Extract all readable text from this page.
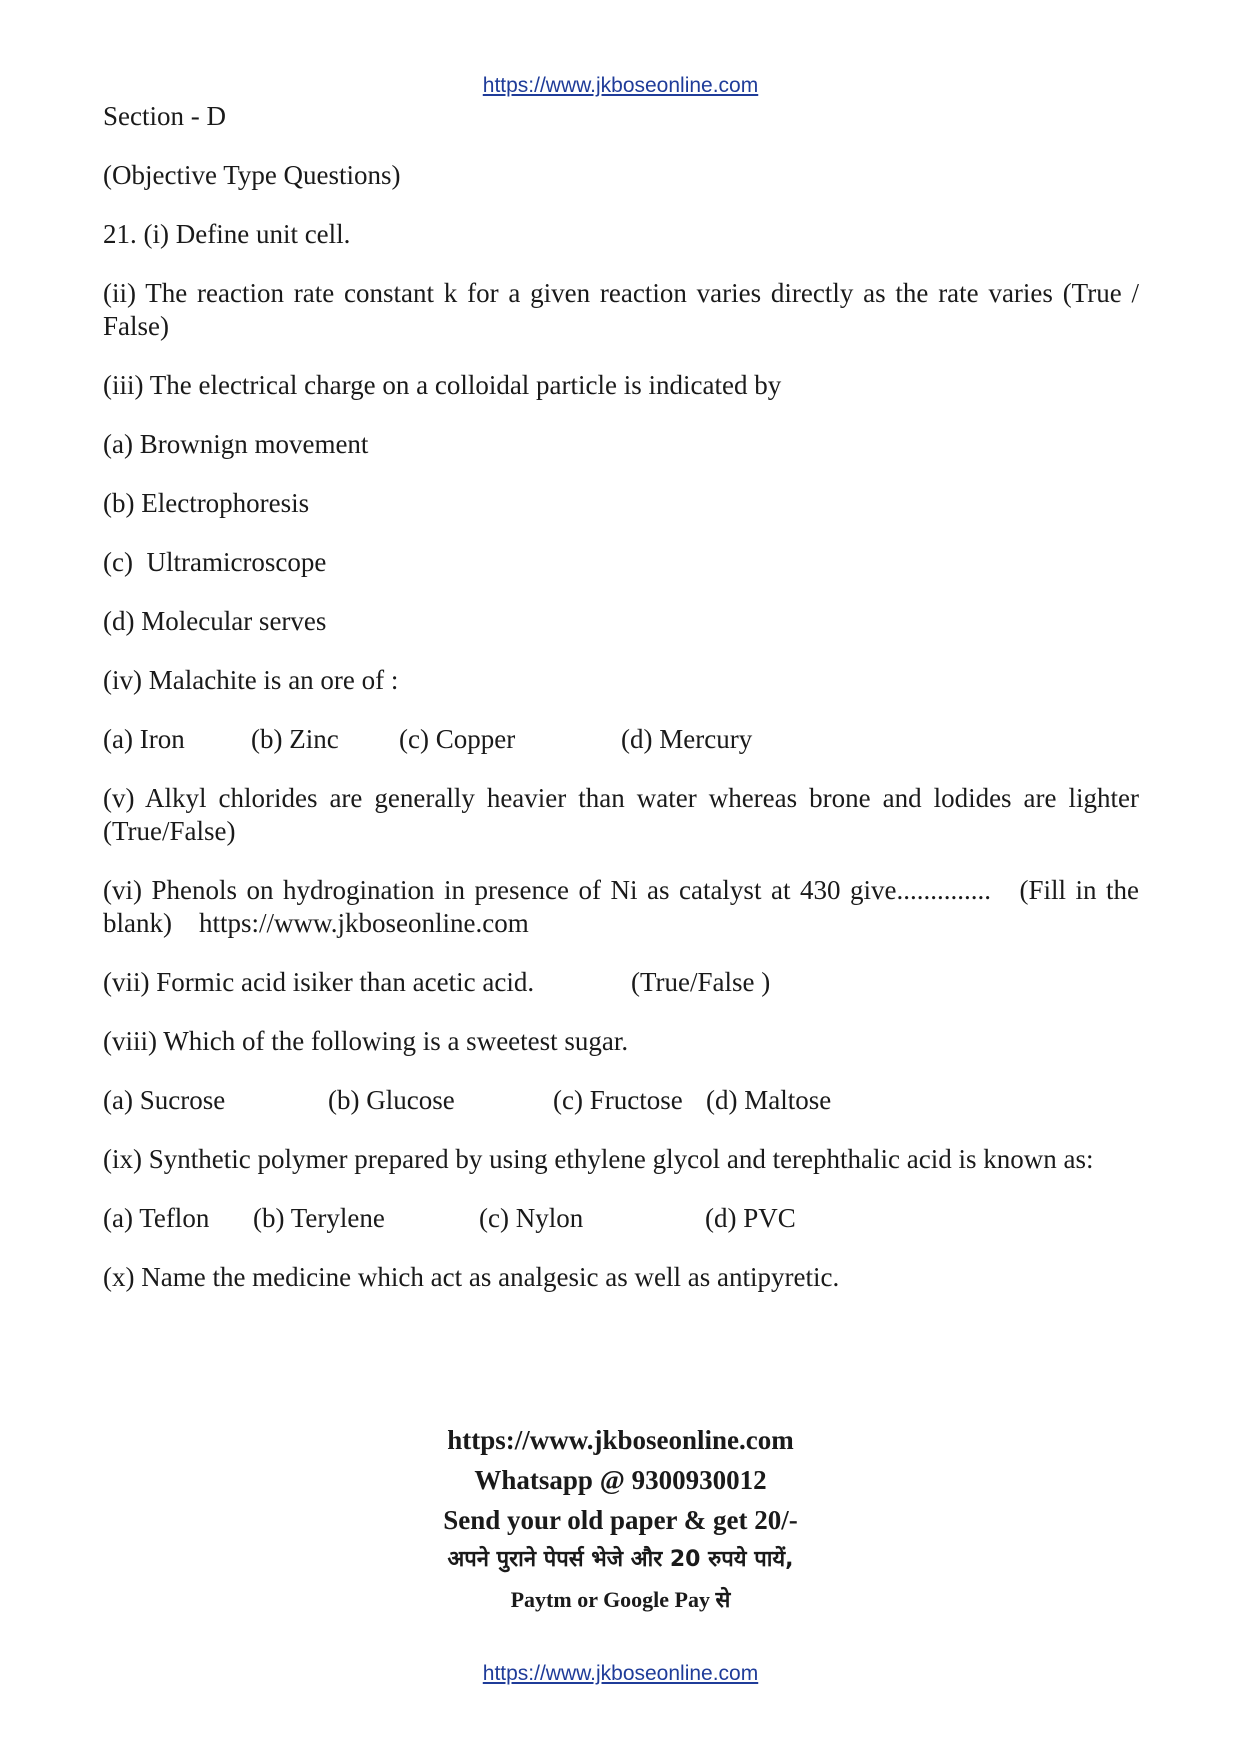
https://www.jkboseonline.com

Section - D

(Objective Type Questions)

21. (i) Define unit cell.

(ii) The reaction rate constant k for a given reaction varies directly as the rate varies (True / False)

(iii) The electrical charge on a colloidal particle is indicated by

(a) Brownign movement

(b) Electrophoresis

(c)  Ultramicroscope

(d) Molecular serves

(iv) Malachite is an ore of :

(a) Iron	(b) Zinc	(c) Copper	(d) Mercury

(v) Alkyl chlorides are generally heavier than water whereas brone and lodides are lighter   (True/False)

(vi) Phenols on hydrogination in presence of Ni as catalyst at 430 give..............   (Fill in the blank)    https://www.jkboseonline.com

(vii) Formic acid isiker than acetic acid.	(True/False )

(viii) Which of the following is a sweetest sugar.

(a) Sucrose	(b) Glucose	(c) Fructose (d) Maltose

(ix) Synthetic polymer prepared by using ethylene glycol and terephthalic acid is known as:

(a) Teflon	(b) Terylene	(c) Nylon	(d) PVC

(x) Name the medicine which act as analgesic as well as antipyretic.

https://www.jkboseonline.com
Whatsapp @ 9300930012
Send your old paper & get 20/-
अपने पुराने पेपर्स भेजे और 20 रुपये पायें,
Paytm or Google Pay से
https://www.jkboseonline.com
